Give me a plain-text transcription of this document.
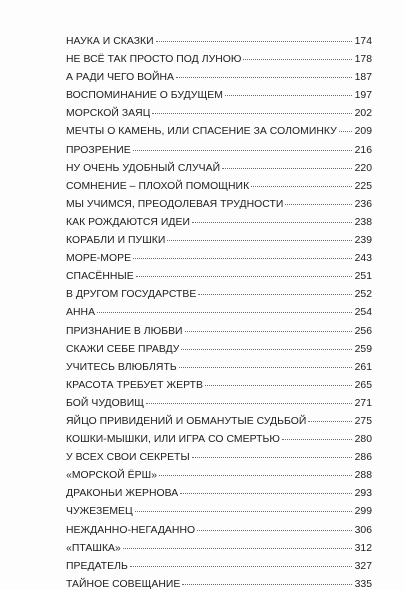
НАУКА И СКАЗКИ	174
НЕ ВСЁ ТАК ПРОСТО ПОД ЛУНОЮ	178
А РАДИ ЧЕГО ВОЙНА	187
ВОСПОМИНАНИЕ О БУДУЩЕМ	197
МОРСКОЙ ЗАЯЦ	202
МЕЧТЫ О КАМЕНЬ, ИЛИ СПАСЕНИЕ ЗА СОЛОМИНКУ 209
ПРОЗРЕНИЕ	216
НУ ОЧЕНЬ УДОБНЫЙ СЛУЧАЙ	220
СОМНЕНИЕ – ПЛОХОЙ ПОМОЩНИК	225
МЫ УЧИМСЯ, ПРЕОДОЛЕВАЯ ТРУДНОСТИ	236
КАК РОЖДАЮТСЯ ИДЕИ	238
КОРАБЛИ И ПУШКИ	239
МОРЕ-МОРЕ	243
СПАСЁННЫЕ	251
В ДРУГОМ ГОСУДАРСТВЕ	252
АННА	254
ПРИЗНАНИЕ В ЛЮБВИ	256
СКАЖИ СЕБЕ ПРАВДУ	259
УЧИТЕСЬ ВЛЮБЛЯТЬ	261
КРАСОТА ТРЕБУЕТ ЖЕРТВ	265
БОЙ ЧУДОВИЩ	271
ЯЙЦО ПРИВИДЕНИЙ И ОБМАНУТЫЕ СУДЬБОЙ	275
КОШКИ-МЫШКИ, ИЛИ ИГРА СО СМЕРТЬЮ	280
У ВСЕХ СВОИ СЕКРЕТЫ	286
«МОРСКОЙ ЁРШ»	288
ДРАКОНЬИ ЖЕРНОВА	293
ЧУЖЕЗЕМЕЦ	299
НЕЖДАННО-НЕГАДАННО	306
«ПТАШКА»	312
ПРЕДАТЕЛЬ	327
ТАЙНОЕ СОВЕЩАНИЕ	335
